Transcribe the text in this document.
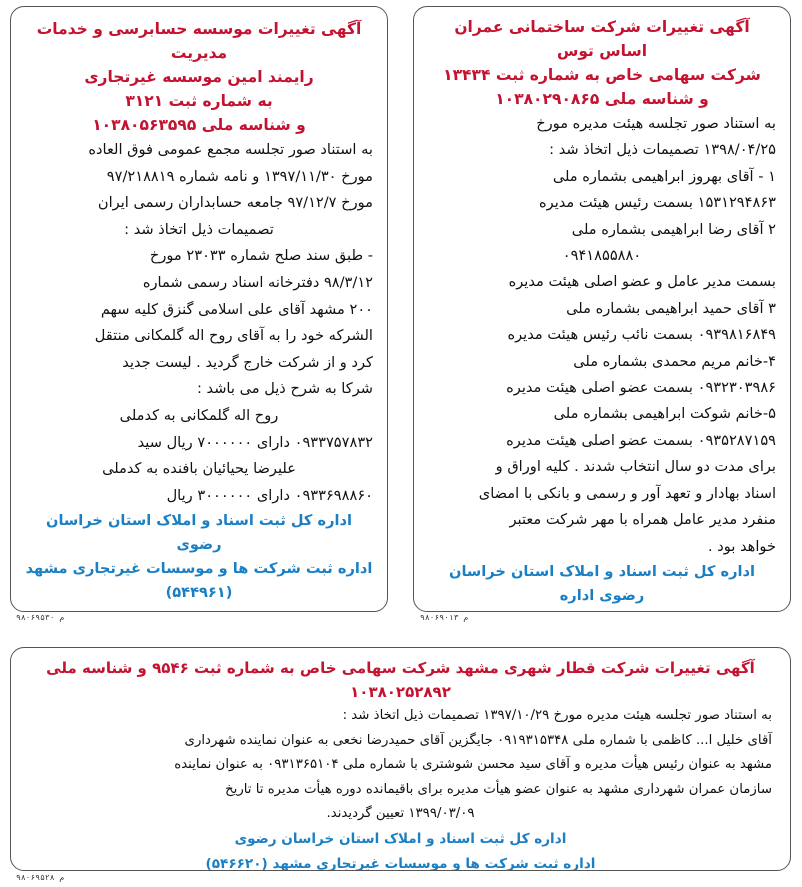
آگهی تغییرات شرکت ساختمانی عمران اساس توس

شرکت سهامی خاص به شماره ثبت ۱۳۴۳۴

و شناسه ملی ۱۰۳۸۰۲۹۰۸۶۵

به استناد صور تجلسه هیئت مدیره مورخ

۱۳۹۸/۰۴/۲۵ تصمیمات ذیل اتخاذ شد :

۱ - آقای بهروز ابراهیمی بشماره ملی

۱۵۳۱۲۹۴۸۶۳ بسمت رئیس هیئت مدیره

۲ آقای رضا ابراهیمی بشماره ملی

۰۹۴۱۸۵۵۸۸۰

بسمت مدیر عامل و عضو اصلی هیئت مدیره

۳ آقای حمید ابراهیمی بشماره ملی

۰۹۳۹۸۱۶۸۴۹ بسمت نائب رئیس هیئت مدیره

۴-خانم مریم محمدی بشماره ملی

۰۹۳۲۳۰۳۹۸۶ بسمت عضو اصلی هیئت مدیره

۵-خانم شوکت ابراهیمی بشماره ملی

۰۹۳۵۲۸۷۱۵۹ بسمت عضو اصلی هیئت مدیره

برای مدت دو سال انتخاب شدند . کلیه اوراق و

اسناد بهادار و تعهد آور و رسمی و بانکی با امضای

منفرد مدیر عامل همراه با مهر شرکت معتبر

خواهد بود .

اداره کل ثبت اسناد و املاک استان خراسان رضوی اداره

۹۸۰۶۹۰۱۳ م

آگهی تغییرات موسسه حسابرسی و خدمات مدیریت

رایمند امین موسسه غیرتجاری

به شماره ثبت ۳۱۲۱

و شناسه ملی ۱۰۳۸۰۵۶۳۵۹۵

به استناد صور تجلسه مجمع عمومی فوق العاده

مورخ ۱۳۹۷/۱۱/۳۰ و نامه شماره ۹۷/۲۱۸۸۱۹

مورخ ۹۷/۱۲/۷ جامعه حسابداران رسمی ایران

تصمیمات ذیل اتخاذ شد :

- طبق سند صلح شماره ۲۳۰۳۳ مورخ

۹۸/۳/۱۲ دفترخانه اسناد رسمی شماره

۲۰۰ مشهد آقای علی اسلامی گنزق کلیه سهم

الشرکه خود را به آقای روح اله گلمکانی منتقل

کرد و از شرکت خارج گردید . لیست جدید

شرکا به شرح ذیل می باشد :

روح اله گلمکانی به کدملی

۰۹۳۳۷۵۷۸۳۲ دارای ۷۰۰۰۰۰۰ ریال سید

علیرضا یحیائیان بافنده به کدملی

۰۹۳۳۶۹۸۸۶۰ دارای ۳۰۰۰۰۰۰ ریال

اداره کل ثبت اسناد و املاک استان خراسان رضوی

اداره ثبت شرکت ها و موسسات غیرتجاری مشهد

(۵۴۴۹۶۱)

۹۸۰۶۹۵۳۰ م

آگهی تغییرات شرکت قطار شهری مشهد شرکت سهامی خاص به شماره ثبت ۹۵۴۶ و شناسه ملی ۱۰۳۸۰۲۵۲۸۹۲

به استناد صور تجلسه هیئت مدیره مورخ ۱۳۹۷/۱۰/۲۹ تصمیمات ذیل اتخاذ شد :

آقای خلیل ا... کاظمی با شماره ملی ۰۹۱۹۳۱۵۳۴۸ جایگزین آقای حمیدرضا نخعی به عنوان نماینده شهرداری

مشهد به عنوان رئیس هیأت مدیره و آقای سید محسن شوشتری با شماره ملی ۰۹۳۱۳۶۵۱۰۴ به عنوان نماینده

سازمان عمران شهرداری مشهد به عنوان عضو هیأت مدیره برای باقیمانده دوره هیأت مدیره تا تاریخ

۱۳۹۹/۰۳/۰۹ تعیین گردیدند.

اداره کل ثبت اسناد و املاک استان خراسان رضوی

اداره ثبت شرکت ها و موسسات غیرتجاری مشهد (۵۴۶۶۲۰)

۹۸۰۶۹۵۲۸ م
